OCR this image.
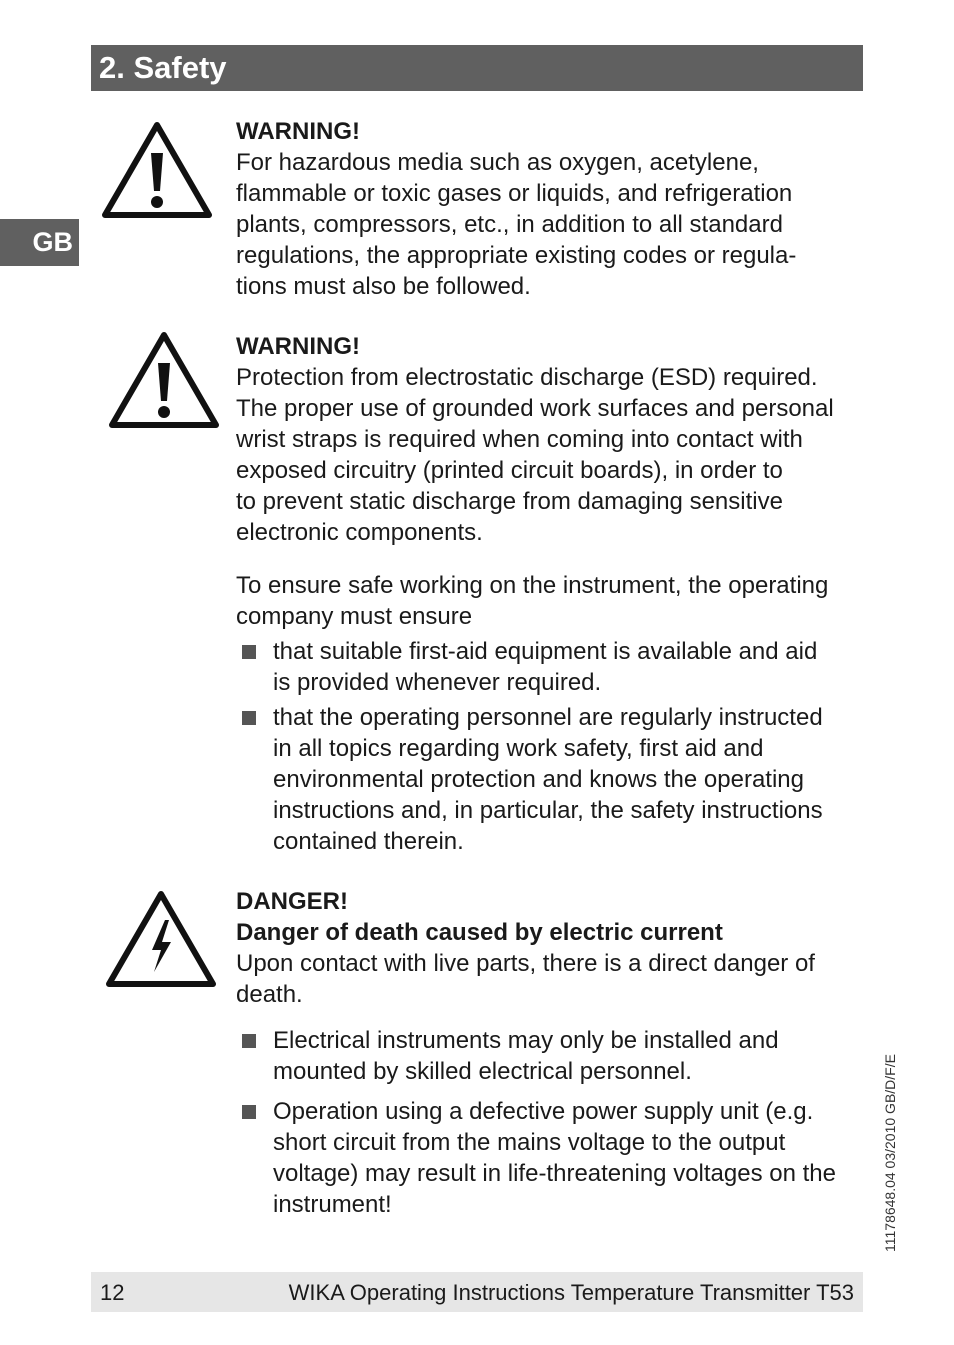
2. Safety
GB
WARNING!
For hazardous media such as oxygen, acetylene,
flammable or toxic gases or liquids, and refrigeration
plants, compressors, etc., in addition to all standard
regulations, the appropriate existing codes or regula-
tions must also be followed.
WARNING!
Protection from electrostatic discharge (ESD) required.
The proper use of grounded work surfaces and personal
wrist straps is required when coming into contact with
exposed circuitry (printed circuit boards), in order to
to prevent static discharge from damaging sensitive
electronic components.
To ensure safe working on the instrument, the operating
company must ensure
that suitable first-aid equipment is available and aid
is provided whenever required.
that the operating personnel are regularly instructed
in all topics regarding work safety, first aid and
environmental protection and knows the operating
instructions and, in particular, the safety instructions
contained therein.
DANGER!
Danger of death caused by electric current
Upon contact with live parts, there is a direct danger of
death.
Electrical instruments may only be installed and
mounted by skilled electrical personnel.
Operation using a defective power supply unit (e.g.
short circuit from the mains voltage to the output
voltage) may result in life-threatening voltages on the
instrument!	11178648.04 03/2010 GB/D/F/E
12	WIKA Operating Instructions Temperature Transmitter T53
